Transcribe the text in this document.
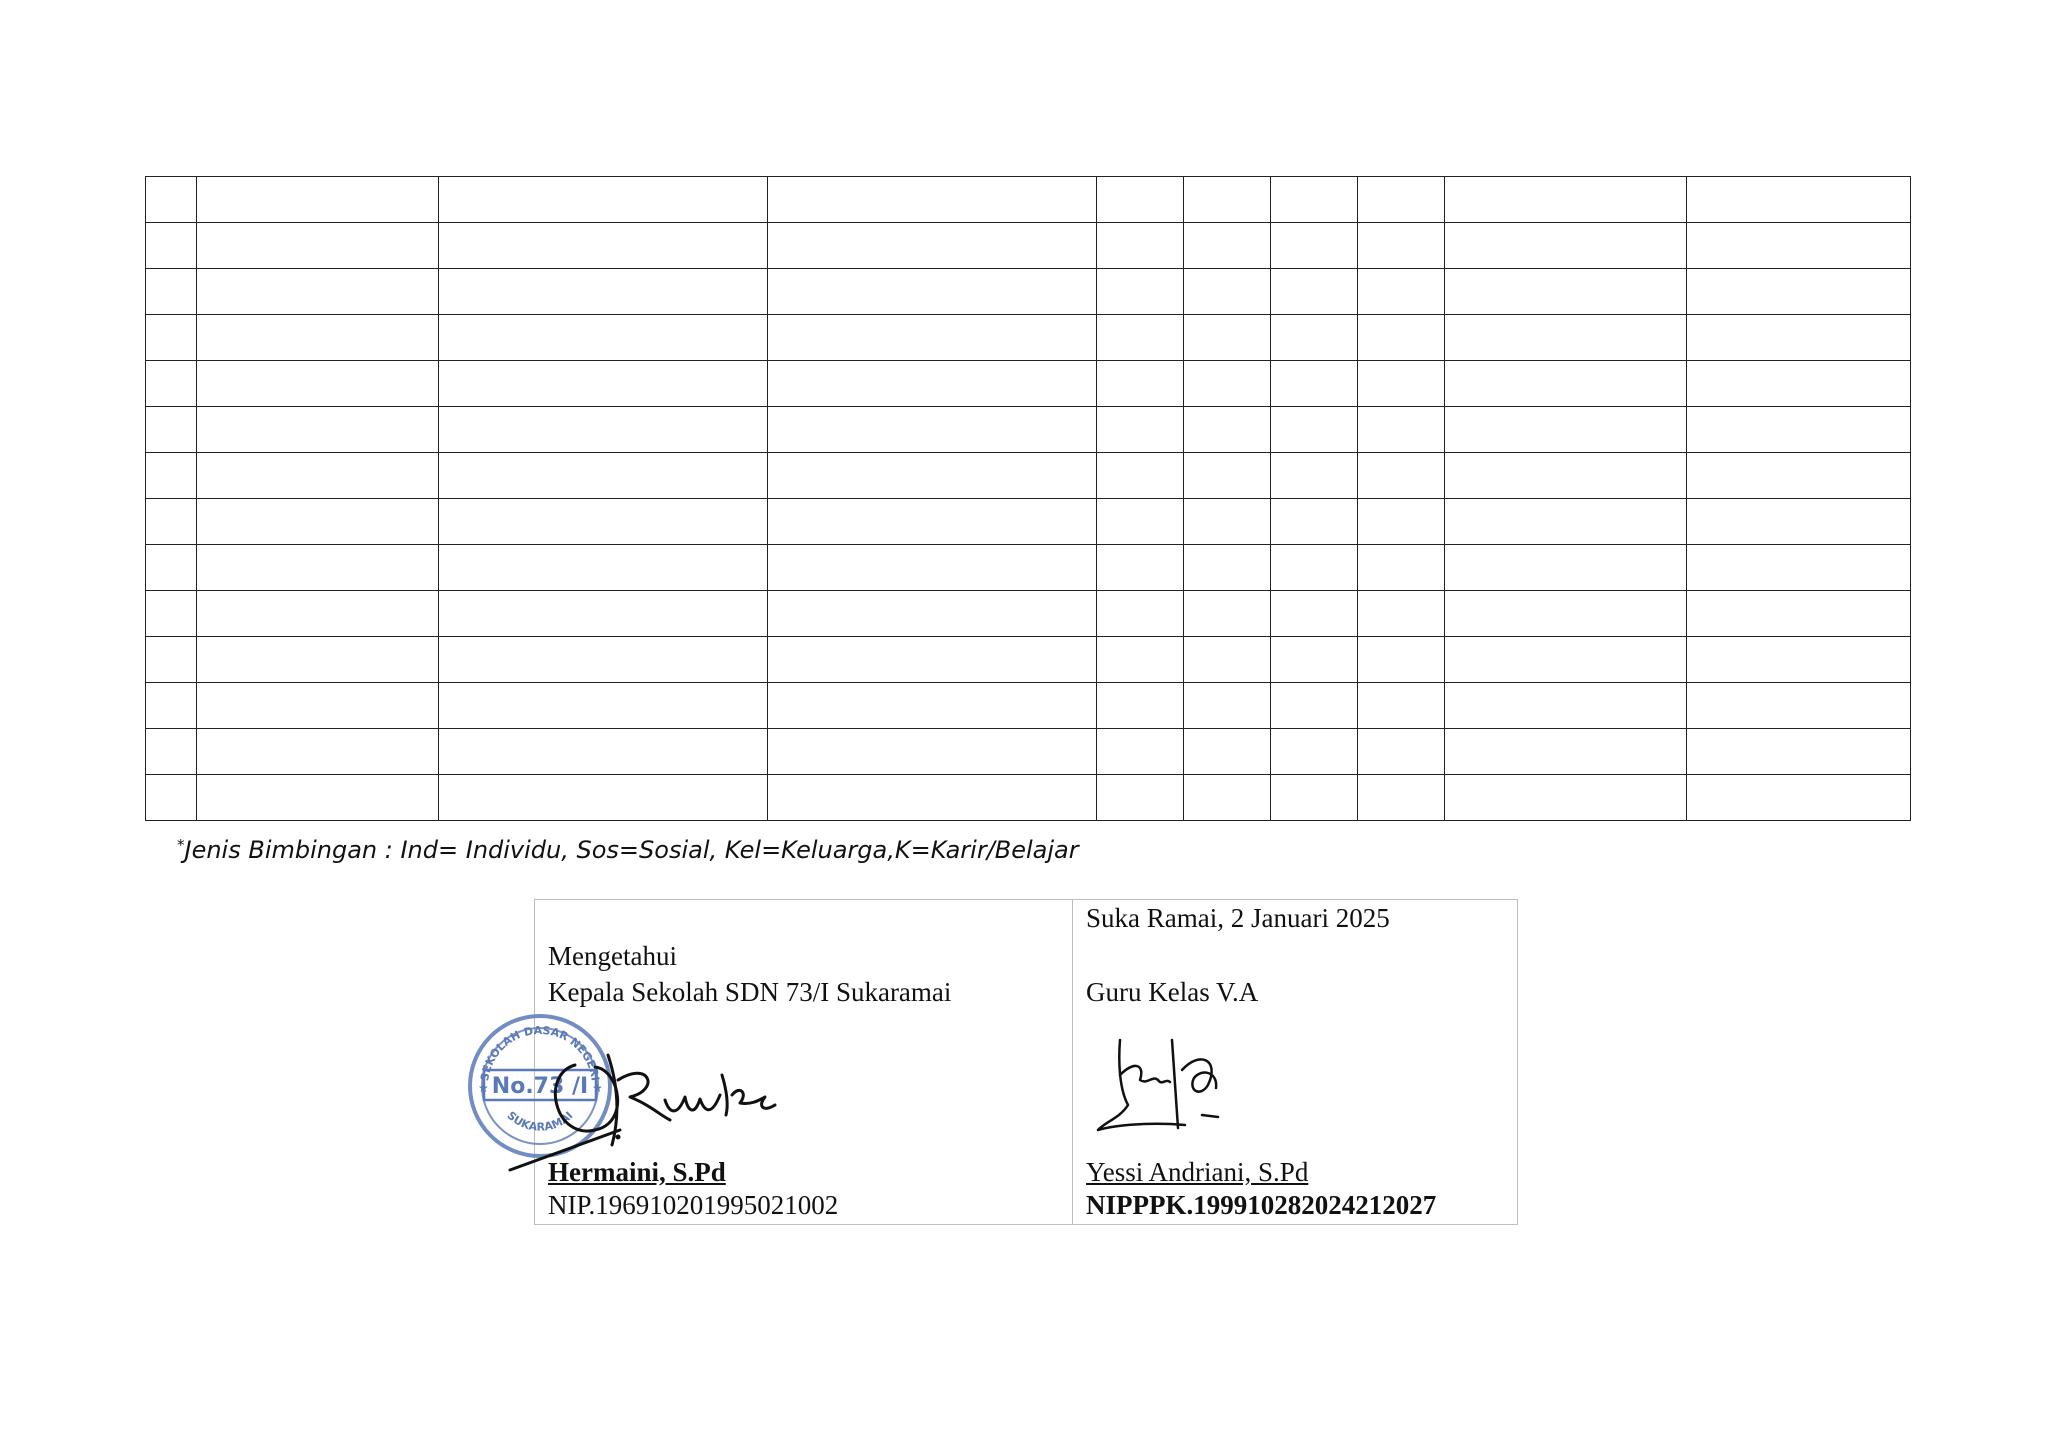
*Jenis Bimbingan : Ind= Individu, Sos=Sosial, Kel=Keluarga,K=Karir/Belajar
Mengetahui
Kepala Sekolah SDN 73/I Sukaramai
SEKOLAH DASAR NEGERI
No.73 /I
SUKARAMAI
★	★
Hermaini, S.Pd
NIP.196910201995021002
Suka Ramai, 2 Januari 2025
Guru Kelas V.A
Yessi Andriani, S.Pd
NIPPPK.199910282024212027
